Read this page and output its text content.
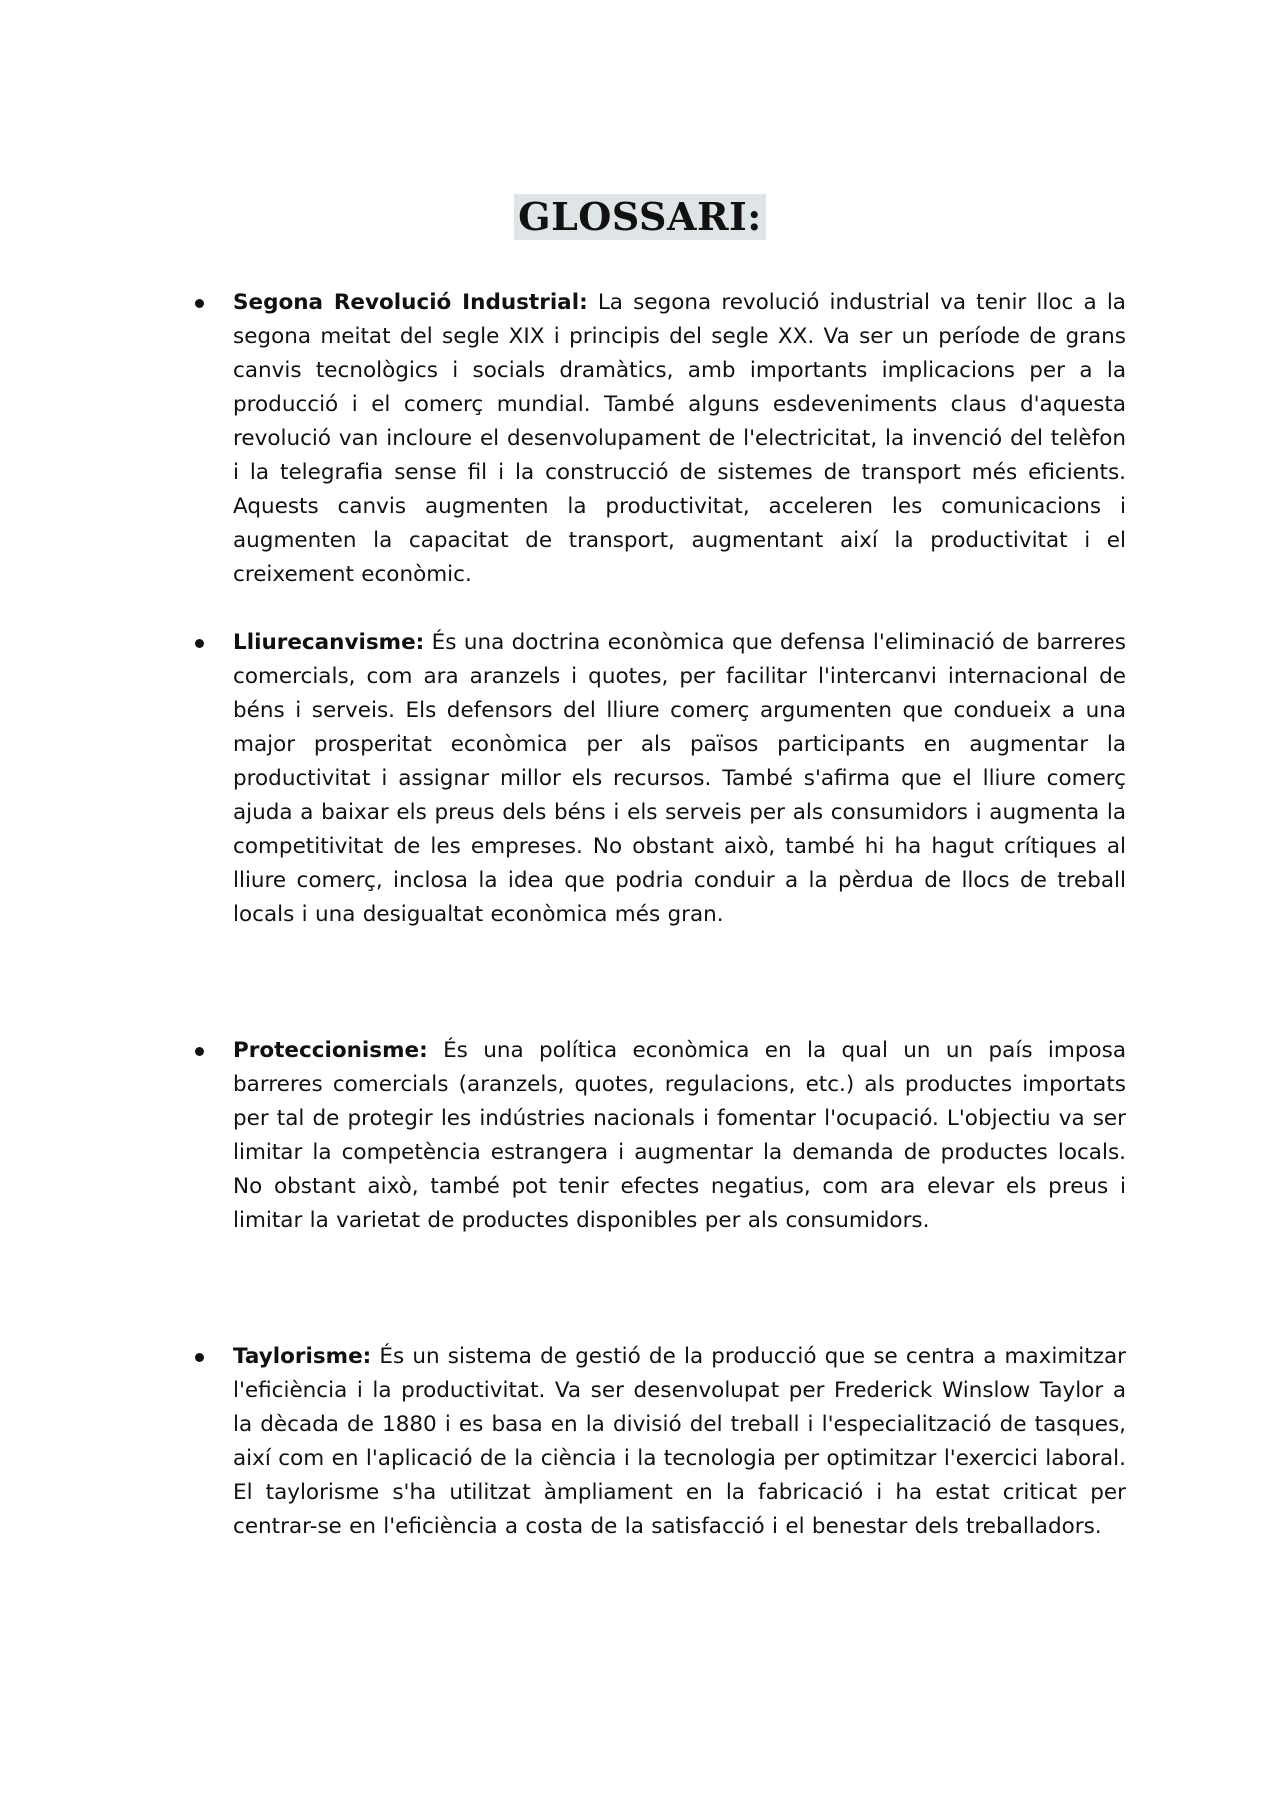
GLOSSARI:

Segona Revolució Industrial: La segona revolució industrial va tenir lloc a la segona meitat del segle XIX i principis del segle XX. Va ser un període de grans canvis tecnològics i socials dramàtics, amb importants implicacions per a la producció i el comerç mundial. També alguns esdeveniments claus d'aquesta revolució van incloure el desenvolupament de l'electricitat, la invenció del telèfon i la telegrafia sense fil i la construcció de sistemes de transport més eficients. Aquests canvis augmenten la productivitat, acceleren les comunicacions i augmenten la capacitat de transport, augmentant així la productivitat i el creixement econòmic.

Lliurecanvisme: És una doctrina econòmica que defensa l'eliminació de barreres comercials, com ara aranzels i quotes, per facilitar l'intercanvi internacional de béns i serveis. Els defensors del lliure comerç argumenten que condueix a una major prosperitat econòmica per als països participants en augmentar la productivitat i assignar millor els recursos. També s'afirma que el lliure comerç ajuda a baixar els preus dels béns i els serveis per als consumidors i augmenta la competitivitat de les empreses. No obstant això, també hi ha hagut crítiques al lliure comerç, inclosa la idea que podria conduir a la pèrdua de llocs de treball locals i una desigualtat econòmica més gran.

Proteccionisme: És una política econòmica en la qual un un país imposa barreres comercials (aranzels, quotes, regulacions, etc.) als productes importats per tal de protegir les indústries nacionals i fomentar l'ocupació. L'objectiu va ser limitar la competència estrangera i augmentar la demanda de productes locals. No obstant això, també pot tenir efectes negatius, com ara elevar els preus i limitar la varietat de productes disponibles per als consumidors.

Taylorisme: És un sistema de gestió de la producció que se centra a maximitzar l'eficiència i la productivitat. Va ser desenvolupat per Frederick Winslow Taylor a la dècada de 1880 i es basa en la divisió del treball i l'especialització de tasques, així com en l'aplicació de la ciència i la tecnologia per optimitzar l'exercici laboral. El taylorisme s'ha utilitzat àmpliament en la fabricació i ha estat criticat per centrar-se en l'eficiència a costa de la satisfacció i el benestar dels treballadors.
